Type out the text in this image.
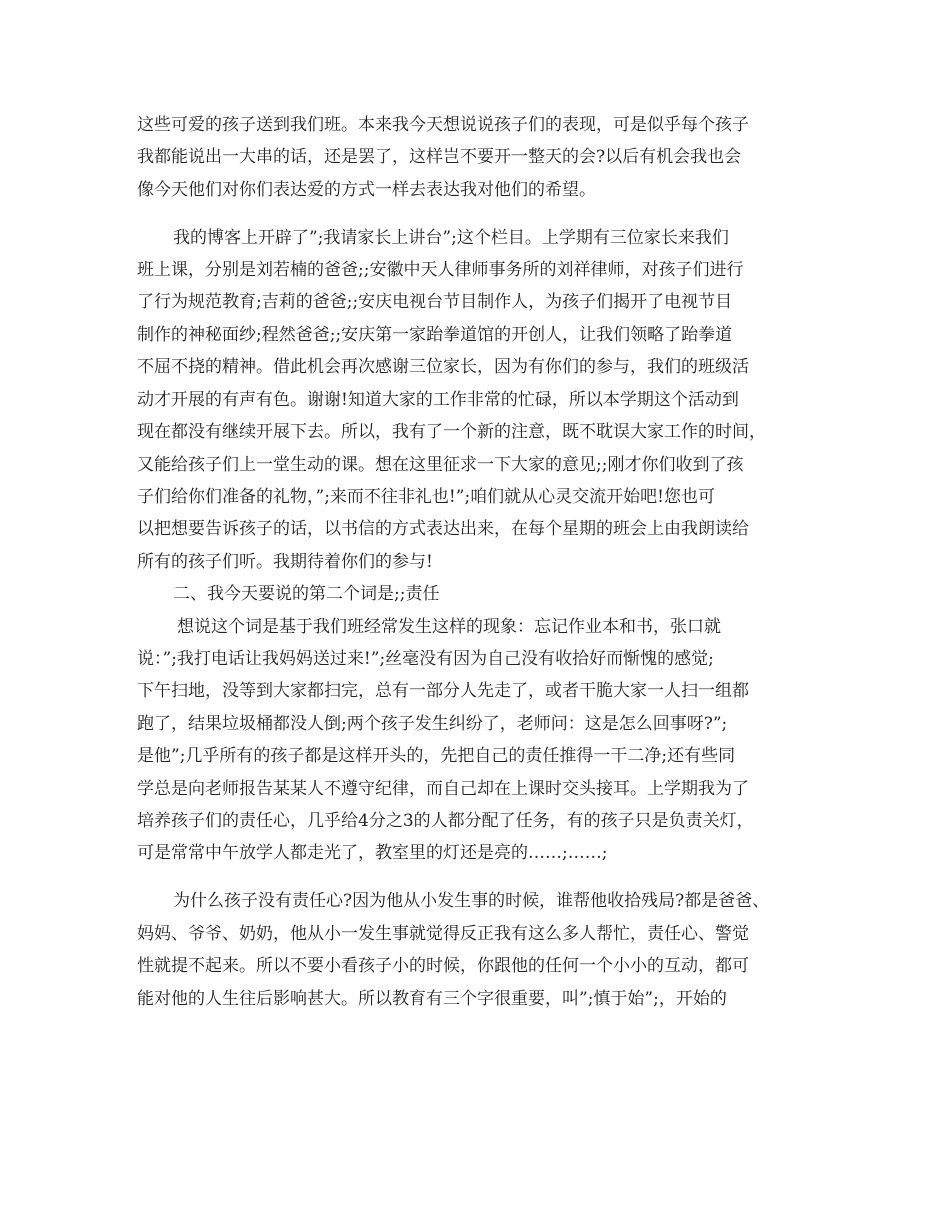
这些可爱的孩子送到我们班。本来我今天想说说孩子们的表现，可是似乎每个孩子
我都能说出一大串的话，还是罢了，这样岂不要开一整天的会?以后有机会我也会
像今天他们对你们表达爱的方式一样去表达我对他们的希望。
我的博客上开辟了”;我请家长上讲台”;这个栏目。上学期有三位家长来我们
班上课，分别是刘若楠的爸爸;;安徽中天人律师事务所的刘祥律师，对孩子们进行
了行为规范教育;吉莉的爸爸;;安庆电视台节目制作人，为孩子们揭开了电视节目
制作的神秘面纱;程然爸爸;;安庆第一家跆拳道馆的开创人，让我们领略了跆拳道
不屈不挠的精神。借此机会再次感谢三位家长，因为有你们的参与，我们的班级活
动才开展的有声有色。谢谢!知道大家的工作非常的忙碌，所以本学期这个活动到
现在都没有继续开展下去。所以，我有了一个新的注意，既不耽误大家工作的时间，
又能给孩子们上一堂生动的课。想在这里征求一下大家的意见;;刚才你们收到了孩
子们给你们准备的礼物，”;来而不往非礼也!”;咱们就从心灵交流开始吧!您也可
以把想要告诉孩子的话，以书信的方式表达出来，在每个星期的班会上由我朗读给
所有的孩子们听。我期待着你们的参与!
二、我今天要说的第二个词是;;责任
想说这个词是基于我们班经常发生这样的现象：忘记作业本和书，张口就
说：”;我打电话让我妈妈送过来!”;丝毫没有因为自己没有收拾好而惭愧的感觉;
下午扫地，没等到大家都扫完，总有一部分人先走了，或者干脆大家一人扫一组都
跑了，结果垃圾桶都没人倒;两个孩子发生纠纷了，老师问：这是怎么回事呀?”;
是他”;几乎所有的孩子都是这样开头的，先把自己的责任推得一干二净;还有些同
学总是向老师报告某某人不遵守纪律，而自己却在上课时交头接耳。上学期我为了
培养孩子们的责任心，几乎给4分之3的人都分配了任务，有的孩子只是负责关灯，
可是常常中午放学人都走光了，教室里的灯还是亮的……;……;
为什么孩子没有责任心?因为他从小发生事的时候，谁帮他收拾残局?都是爸爸、
妈妈、爷爷、奶奶，他从小一发生事就觉得反正我有这么多人帮忙，责任心、警觉
性就提不起来。所以不要小看孩子小的时候，你跟他的任何一个小小的互动，都可
能对他的人生往后影响甚大。所以教育有三个字很重要，叫”;慎于始”;，开始的
